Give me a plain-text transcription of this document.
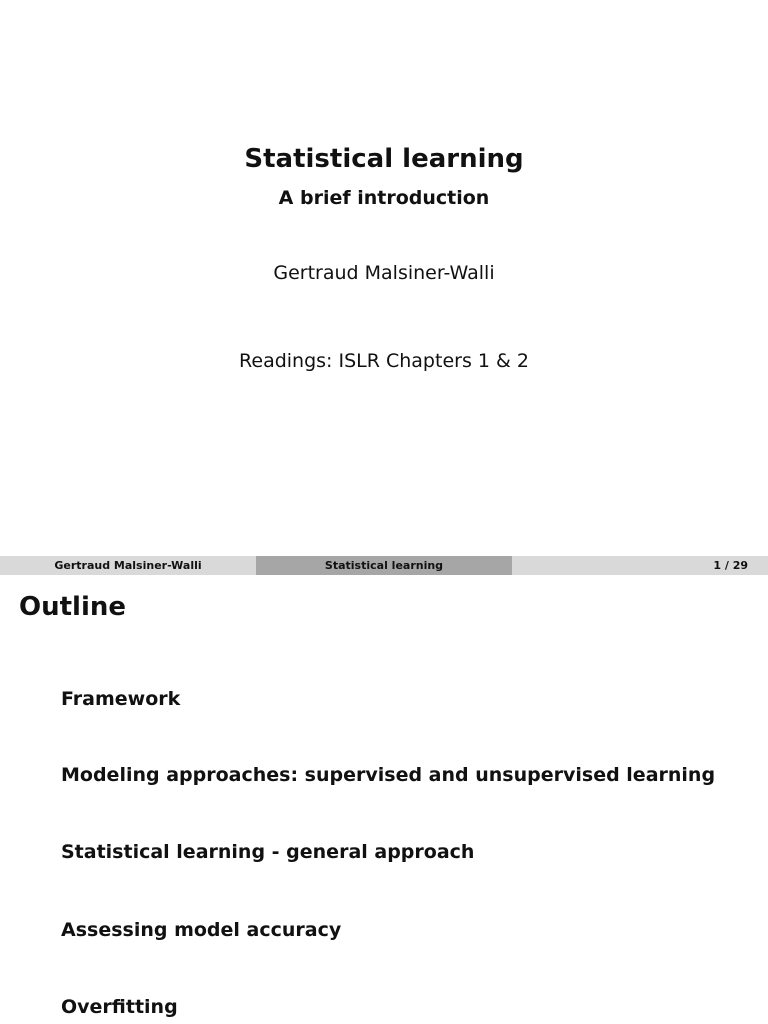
Statistical learning
A brief introduction
Gertraud Malsiner-Walli
Readings: ISLR Chapters 1 & 2
Gertraud Malsiner-Walli	Statistical learning	1 / 29
Outline
Framework
Modeling approaches: supervised and unsupervised learning
Statistical learning - general approach
Assessing model accuracy
Overfitting
